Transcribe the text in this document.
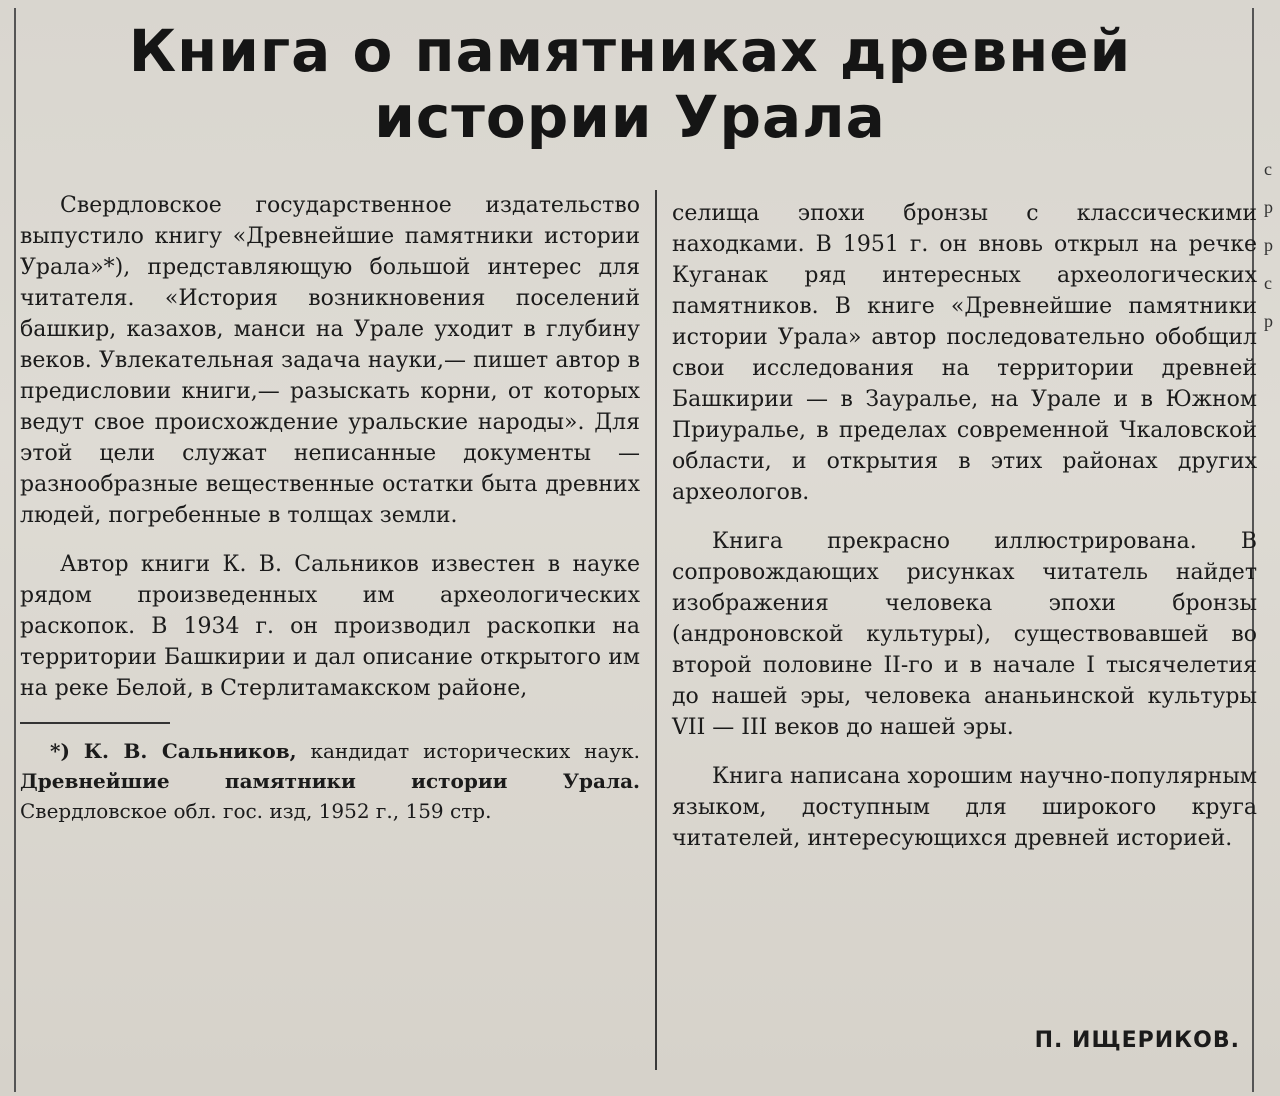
с
р
р
с
р
Книга о памятниках древней истории Урала

Свердловское государственное издательство выпустило книгу «Древнейшие памятники истории Урала»*), представляющую большой интерес для читателя. «История возникновения поселений башкир, казахов, манси на Урале уходит в глубину веков. Увлекательная задача науки,— пишет автор в предисловии книги,— разыскать корни, от которых ведут свое происхождение уральские народы». Для этой цели служат неписанные документы — разнообразные вещественные остатки быта древних людей, погребенные в толщах земли.

Автор книги К. В. Сальников известен в науке рядом произведенных им археологических раскопок. В 1934 г. он производил раскопки на территории Башкирии и дал описание открытого им на реке Белой, в Стерлитамакском районе,

*) К. В. Сальников, кандидат исторических наук. Древнейшие памятники истории Урала. Свердловское обл. гос. изд, 1952 г., 159 стр.

селища эпохи бронзы с классическими находками. В 1951 г. он вновь открыл на речке Куганак ряд интересных археологических памятников. В книге «Древнейшие памятники истории Урала» автор последовательно обобщил свои исследования на территории древней Башкирии — в Зауралье, на Урале и в Южном Приуралье, в пределах современной Чкаловской области, и открытия в этих районах других археологов.

Книга прекрасно иллюстрирована. В сопровождающих рисунках читатель найдет изображения человека эпохи бронзы (андроновской культуры), существовавшей во второй половине II-го и в начале I тысячелетия до нашей эры, человека ананьинской культуры VII — III веков до нашей эры.

Книга написана хорошим научно-популярным языком, доступным для широкого круга читателей, интересующихся древней историей.

П. ИЩЕРИКОВ.
